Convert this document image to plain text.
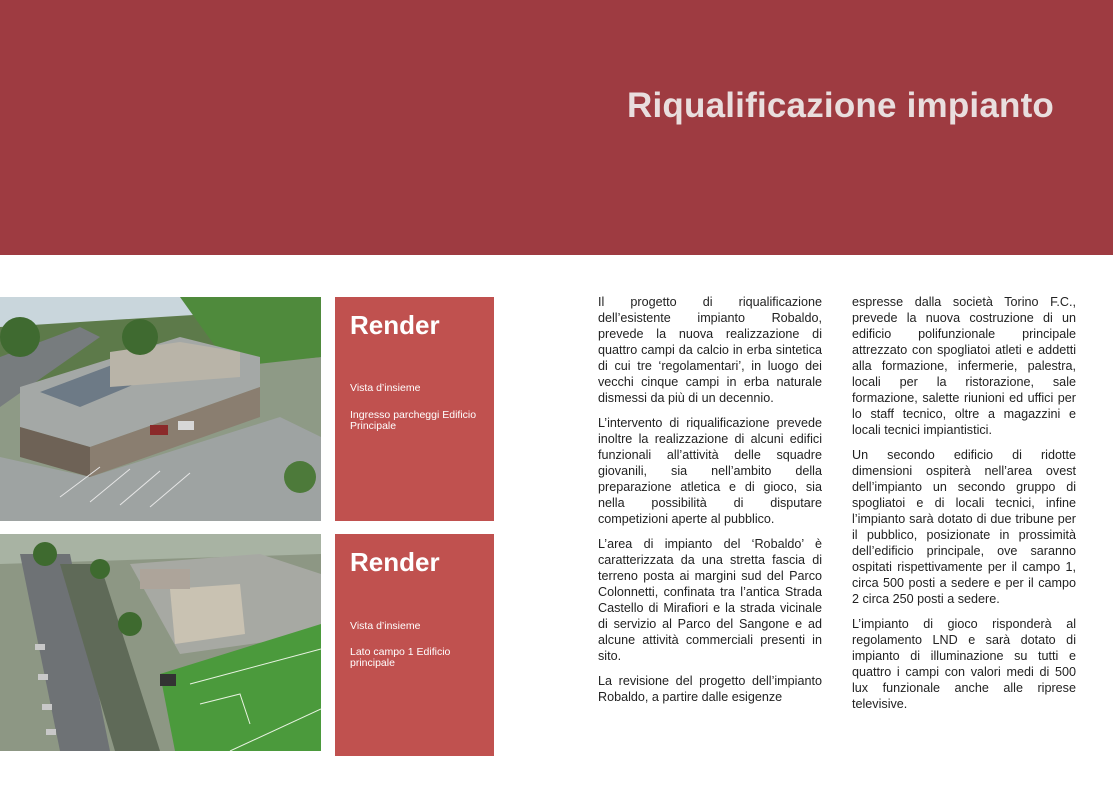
Riqualificazione impianto
Render
Vista d’insieme
Ingresso parcheggi Edificio Principale
Render
Vista d’insieme
Lato campo 1 Edificio principale

Il progetto di riqualificazione dell’esistente impianto Robaldo, prevede la nuova realizzazione di quattro campi da calcio in erba sintetica di cui tre ‘regolamentari’, in luogo dei vecchi cinque campi in erba naturale dismessi da più di un decennio.

L’intervento di riqualificazione prevede inoltre la realizzazione di alcuni edifici funzionali all’attività delle squadre giovanili, sia nell’ambito della preparazione atletica e di gioco, sia nella possibilità di disputare competizioni aperte al pubblico.

L’area di impianto del ‘Robaldo’ è caratterizzata da una stretta fascia di terreno posta ai margini sud del Parco Colonnetti, confinata tra l’antica Strada Castello di Mirafiori e la strada vicinale di servizio al Parco del Sangone e ad alcune attività commerciali presenti in sito.

La revisione del progetto dell’impianto Robaldo, a partire dalle esigenze

espresse dalla società Torino F.C., prevede la nuova costruzione di un edificio polifunzionale principale attrezzato con spogliatoi atleti e addetti alla formazione, infermerie, palestra, locali per la ristorazione, sale formazione, salette riunioni ed uffici per lo staff tecnico, oltre a magazzini e locali tecnici impiantistici.

Un secondo edificio di ridotte dimensioni ospiterà nell’area ovest dell’impianto un secondo gruppo di spogliatoi e di locali tecnici, infine l’impianto sarà dotato di due tribune per il pubblico, posizionate in prossimità dell’edificio principale, ove saranno ospitati rispettivamente per il campo 1, circa 500 posti a sedere e per il campo 2 circa 250 posti a sedere.

L’impianto di gioco risponderà al regolamento LND e sarà dotato di impianto di illuminazione su tutti e quattro i campi con valori medi di 500 lux funzionale anche alle riprese televisive.
